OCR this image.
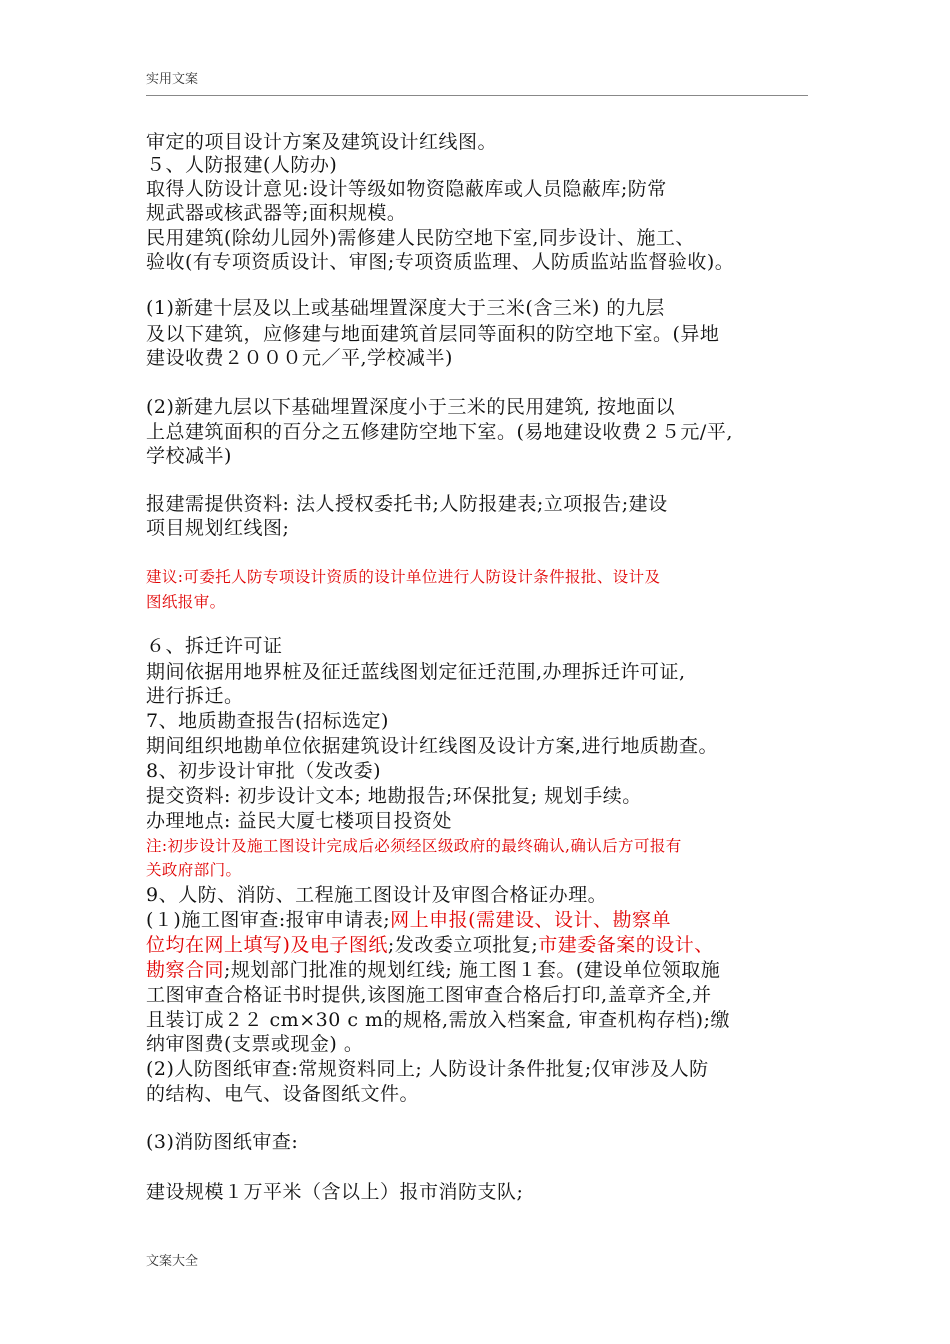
实用文案
审定的项目设计方案及建筑设计红线图。
５、人防报建(人防办)
取得人防设计意见:设计等级如物资隐蔽库或人员隐蔽库;防常
规武器或核武器等;面积规模。
民用建筑(除幼儿园外)需修建人民防空地下室,同步设计、施工、
验收(有专项资质设计、审图;专项资质监理、人防质监站监督验收)。
(1)新建十层及以上或基础埋置深度大于三米(含三米) 的九层
及以下建筑，应修建与地面建筑首层同等面积的防空地下室。(异地
建设收费２０００元／平,学校减半)
(2)新建九层以下基础埋置深度小于三米的民用建筑, 按地面以
上总建筑面积的百分之五修建防空地下室。(易地建设收费２５元/平,
学校减半)
报建需提供资料: 法人授权委托书;人防报建表;立项报告;建设
项目规划红线图;
建议:可委托人防专项设计资质的设计单位进行人防设计条件报批、设计及
图纸报审。
６、拆迁许可证
期间依据用地界桩及征迁蓝线图划定征迁范围,办理拆迁许可证,
进行拆迁。
7、地质勘查报告(招标选定)
期间组织地勘单位依据建筑设计红线图及设计方案,进行地质勘查。
8、初步设计审批（发改委)
提交资料: 初步设计文本; 地勘报告;环保批复; 规划手续。
办理地点: 益民大厦七楼项目投资处
注:初步设计及施工图设计完成后必须经区级政府的最终确认,确认后方可报有
关政府部门。
9、人防、消防、工程施工图设计及审图合格证办理。
(１)施工图审查:报审申请表;网上申报(需建设、设计、勘察单
位均在网上填写)及电子图纸;发改委立项批复;市建委备案的设计、
勘察合同;规划部门批准的规划红线; 施工图１套。(建设单位领取施
工图审查合格证书时提供,该图施工图审查合格后打印,盖章齐全,并
且装订成２２ cm×30 c m的规格,需放入档案盒, 审查机构存档);缴
纳审图费(支票或现金) 。
(2)人防图纸审查:常规资料同上; 人防设计条件批复;仅审涉及人防
的结构、电气、设备图纸文件。
(3)消防图纸审查:
建设规模１万平米（含以上）报市消防支队;
文案大全
